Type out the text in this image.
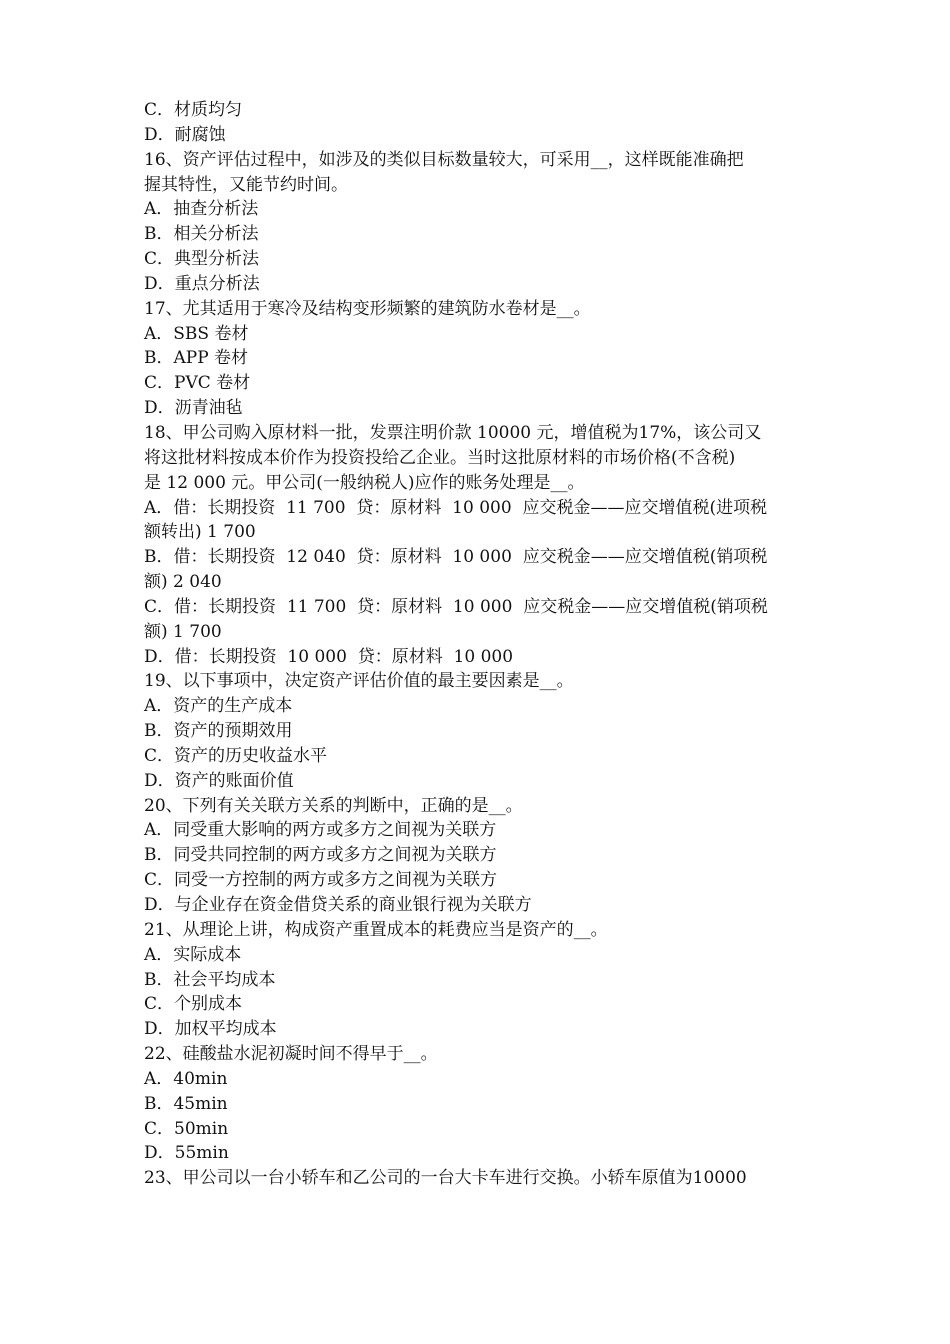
C．材质均匀
D．耐腐蚀
16、资产评估过程中，如涉及的类似目标数量较大，可采用__，这样既能准确把
握其特性，又能节约时间。
A．抽查分析法
B．相关分析法
C．典型分析法
D．重点分析法
17、尤其适用于寒冷及结构变形频繁的建筑防水卷材是__。
A．SBS 卷材
B．APP 卷材
C．PVC 卷材
D．沥青油毡
18、甲公司购入原材料一批，发票注明价款 10000 元，增值税为17%，该公司又
将这批材料按成本价作为投资投给乙企业。当时这批原材料的市场价格(不含税)
是 12 000 元。甲公司(一般纳税人)应作的账务处理是__。
A．借：长期投资  11 700  贷：原材料  10 000  应交税金——应交增值税(进项税
额转出) 1 700
B．借：长期投资  12 040  贷：原材料  10 000  应交税金——应交增值税(销项税
额) 2 040
C．借：长期投资  11 700  贷：原材料  10 000  应交税金——应交增值税(销项税
额) 1 700
D．借：长期投资  10 000  贷：原材料  10 000
19、以下事项中，决定资产评估价值的最主要因素是__。
A．资产的生产成本
B．资产的预期效用
C．资产的历史收益水平
D．资产的账面价值
20、下列有关关联方关系的判断中，正确的是__。
A．同受重大影响的两方或多方之间视为关联方
B．同受共同控制的两方或多方之间视为关联方
C．同受一方控制的两方或多方之间视为关联方
D．与企业存在资金借贷关系的商业银行视为关联方
21、从理论上讲，构成资产重置成本的耗费应当是资产的__。
A．实际成本
B．社会平均成本
C．个别成本
D．加权平均成本
22、硅酸盐水泥初凝时间不得早于__。
A．40min
B．45min
C．50min
D．55min
23、甲公司以一台小轿车和乙公司的一台大卡车进行交换。小轿车原值为10000
